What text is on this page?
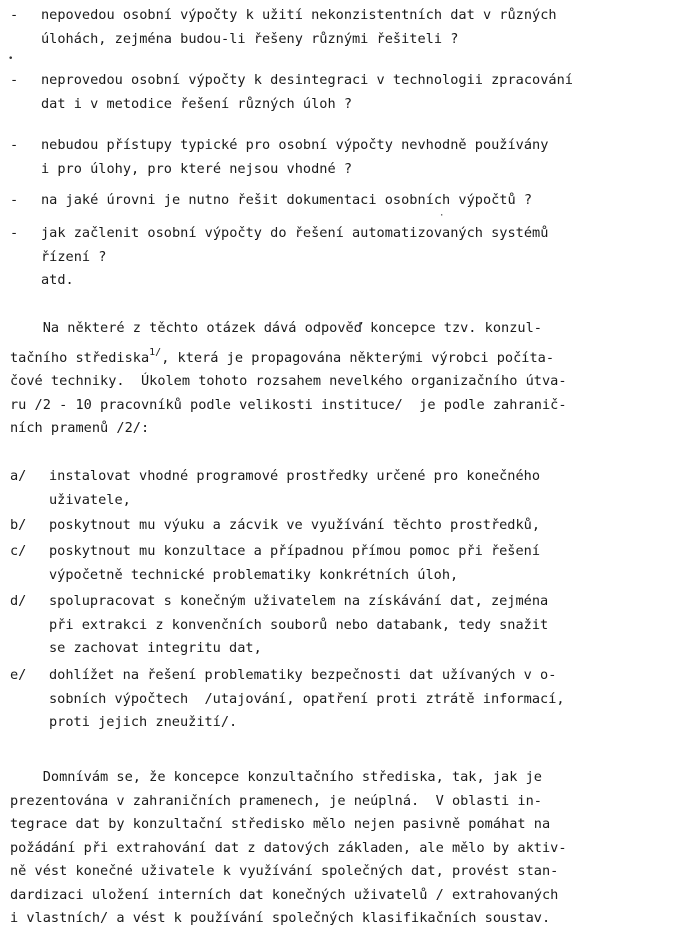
- nepovedou osobní výpočty k užití nekonzistentních dat v různých
úlohách, zejména budou-li řešeny různými řešiteli ?
- neprovedou osobní výpočty k desintegraci v technologii zpracování
dat i v metodice řešení různých úloh ?
- nebudou přístupy typické pro osobní výpočty nevhodně používány
i pro úlohy, pro které nejsou vhodné ?
- na jaké úrovni je nutno řešit dokumentaci osobních výpočtů ?
- jak začlenit osobní výpočty do řešení automatizovaných systémů
řízení ?
atd.
•
·
Na některé z těchto otázek dává odpověď koncepce tzv. konzul-
tačního střediska$^{1/}$, která je propagována některými výrobci počíta-
čové techniky.  Úkolem tohoto rozsahem nevelkého organizačního útva-
ru /2 - 10 pracovníků podle velikosti instituce/  je podle zahranič-
ních pramenů /2/:
a/ instalovat vhodné programové prostředky určené pro konečného
uživatele,
b/ poskytnout mu výuku a zácvik ve využívání těchto prostředků,
c/ poskytnout mu konzultace a případnou přímou pomoc při řešení
výpočetně technické problematiky konkrétních úloh,
d/ spolupracovat s konečným uživatelem na získávání dat, zejména
při extrakci z konvenčních souborů nebo databank, tedy snažit
se zachovat integritu dat,
e/ dohlížet na řešení problematiky bezpečnosti dat užívaných v o-
sobních výpočtech  /utajování, opatření proti ztrátě informací,
proti jejich zneužití/.
Domnívám se, že koncepce konzultačního střediska, tak, jak je
prezentována v zahraničních pramenech, je neúplná.  V oblasti in-
tegrace dat by konzultační středisko mělo nejen pasivně pomáhat na
požádání při extrahování dat z datových základen, ale mělo by aktiv-
ně vést konečné uživatele k využívání společných dat, provést stan-
dardizaci uložení interních dat konečných uživatelů / extrahovaných
i vlastních/ a vést k používání společných klasifikačních soustav.
